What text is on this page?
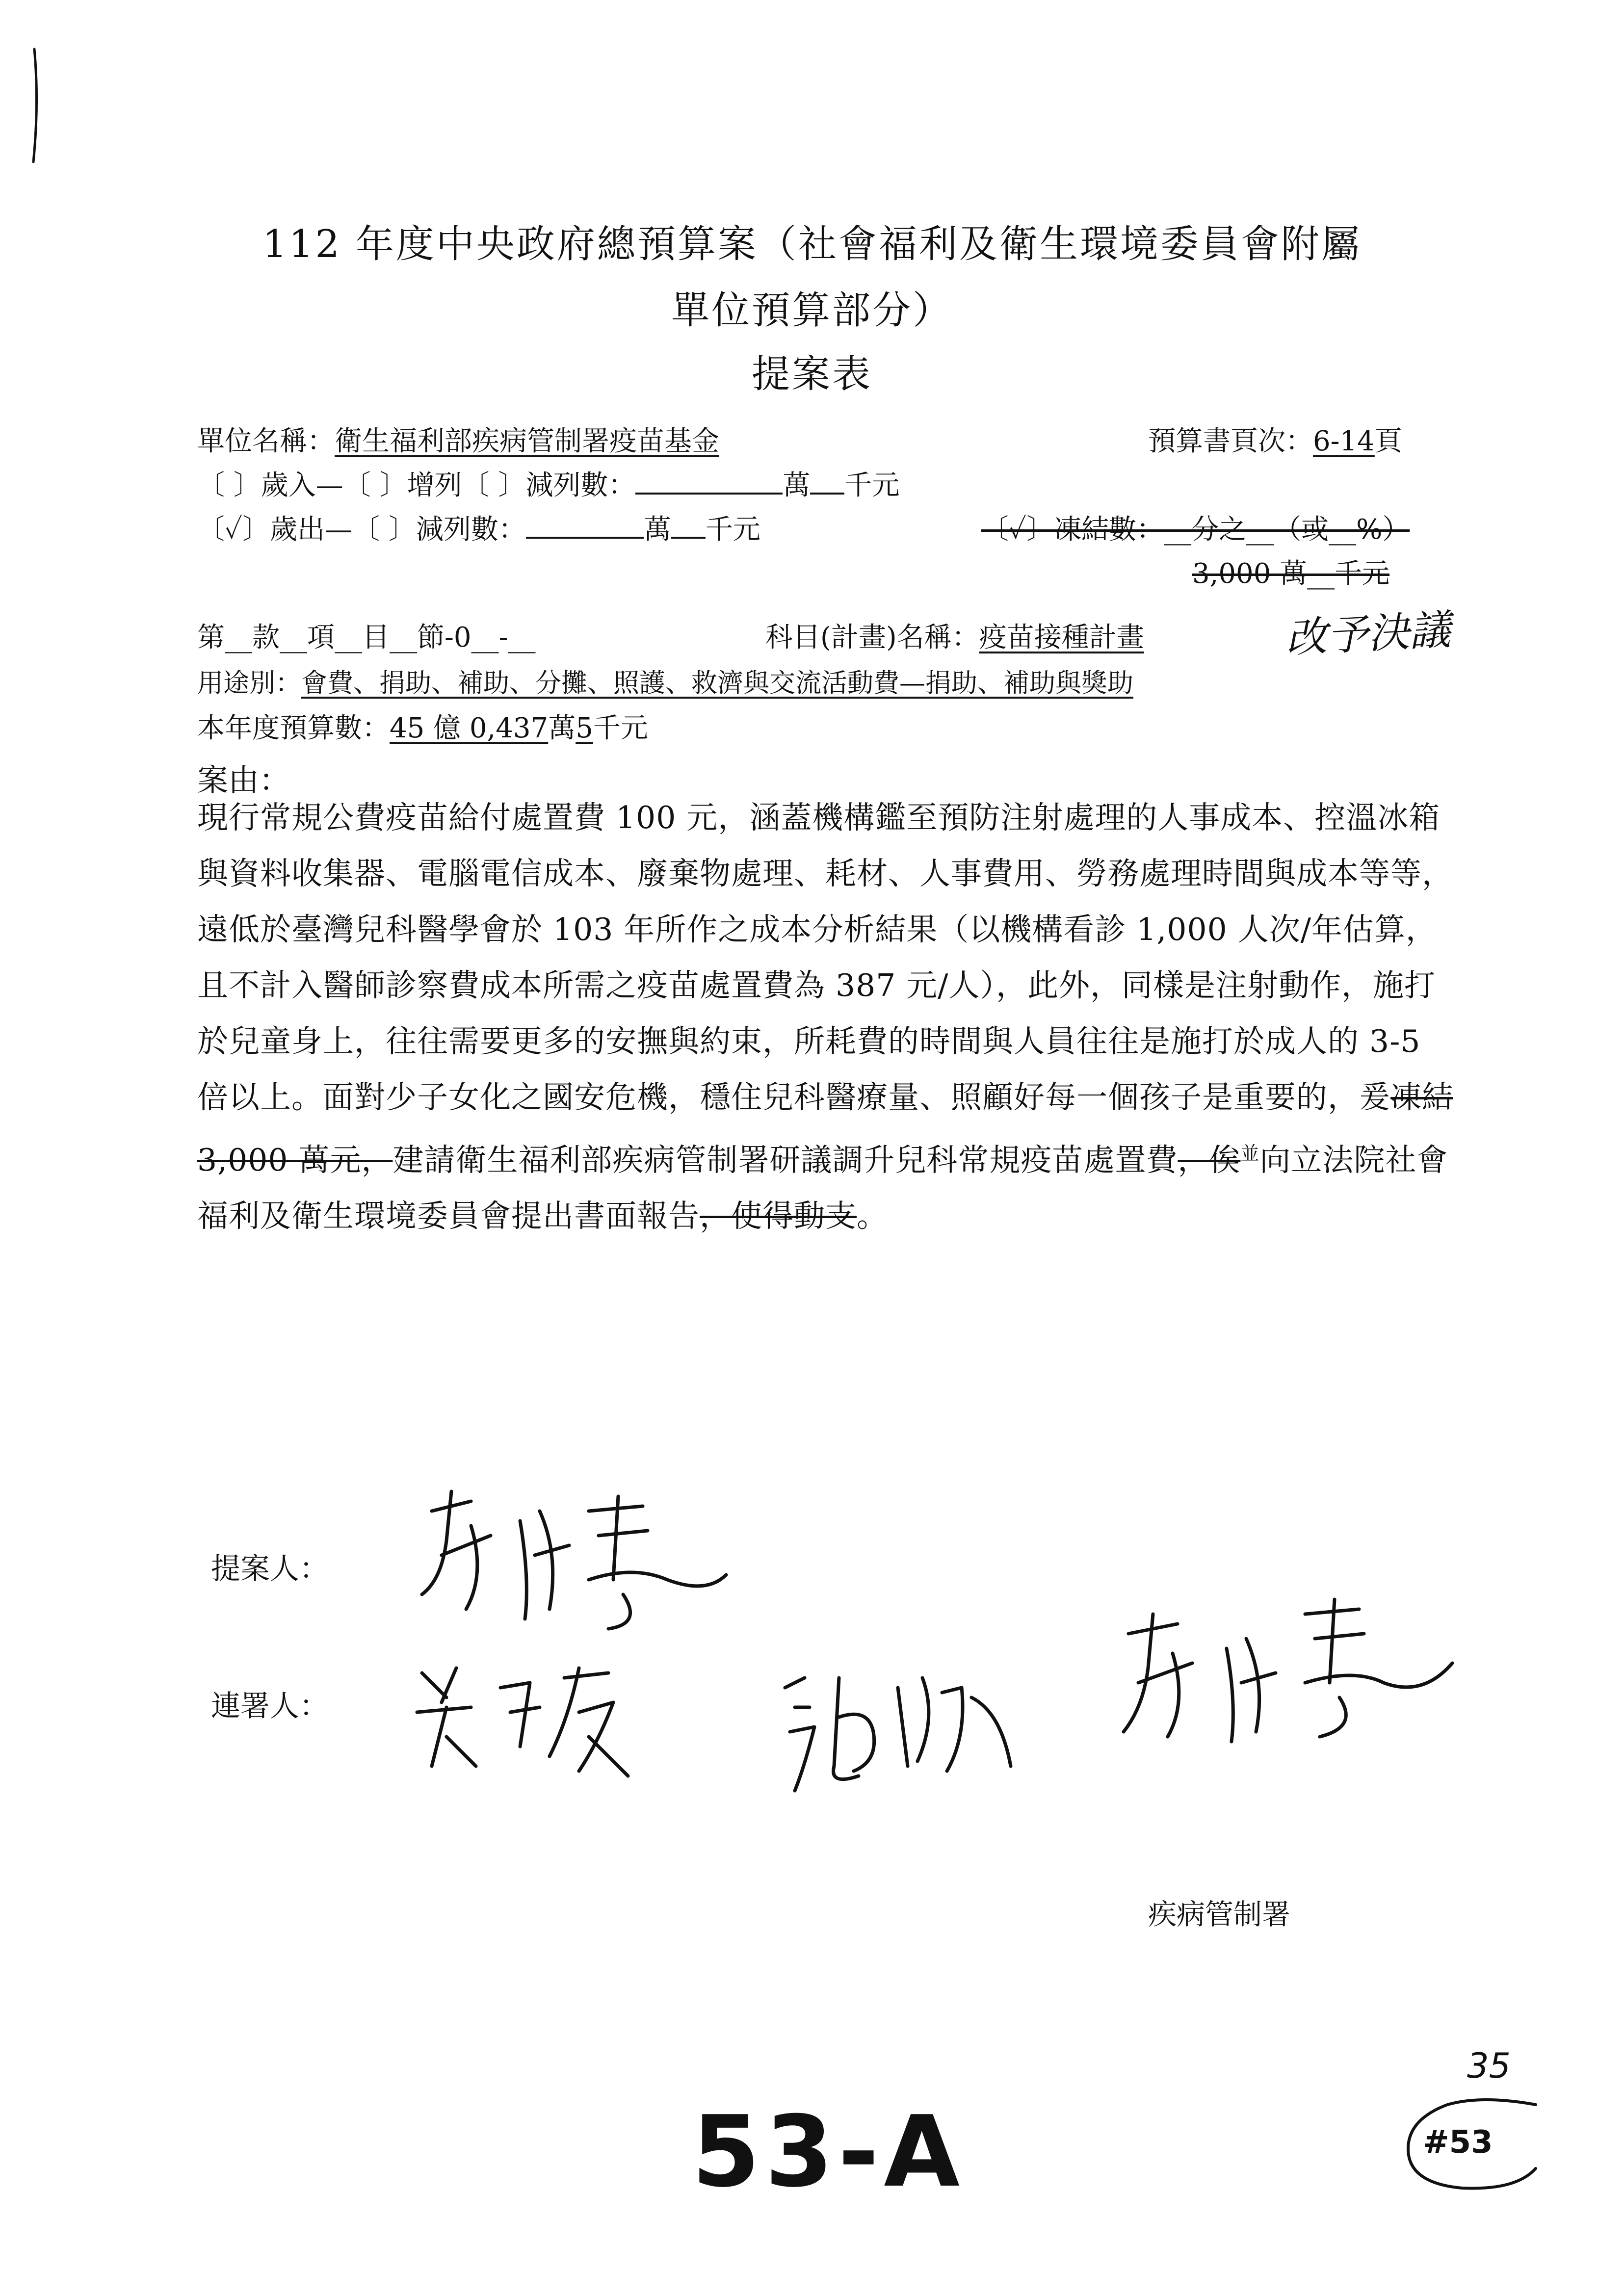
112 年度中央政府總預算案（社會福利及衛生環境委員會附屬
單位預算部分）
提案表
單位名稱：衛生福利部疾病管制署疫苗基金	預算書頁次：6-14頁
〔 〕歲入—〔 〕增列〔 〕減列數：	萬 千元
〔✓〕歲出—〔 〕減列數：	萬 千元	〔✓〕凍結數：__分之__（或__%）
3,000 萬__千元
第__款__項__目__節-0__-__	科目(計畫)名稱：疫苗接種計畫	改予決議
用途別：會費、捐助、補助、分攤、照護、救濟與交流活動費—捐助、補助與獎助
本年度預算數：45 億 0,437萬5千元
案由：
現行常規公費疫苗給付處置費 100 元，涵蓋機構鑑至預防注射處理的人事成本、控溫冰箱與資料收集器、電腦電信成本、廢棄物處理、耗材、人事費用、勞務處理時間與成本等等，遠低於臺灣兒科醫學會於 103 年所作之成本分析結果（以機構看診 1,000 人次/年估算，且不計入醫師診察費成本所需之疫苗處置費為 387 元/人），此外，同樣是注射動作，施打於兒童身上，往往需要更多的安撫與約束，所耗費的時間與人員往往是施打於成人的 3-5 倍以上。面對少子女化之國安危機，穩住兒科醫療量、照顧好每一個孩子是重要的，爰凍結 3,000 萬元，建請衛生福利部疾病管制署研議調升兒科常規疫苗處置費，俟$^並$向立法院社會福利及衛生環境委員會提出書面報告，使得動支。
提案人：
連署人：
疾病管制署
53-A
35
#53
